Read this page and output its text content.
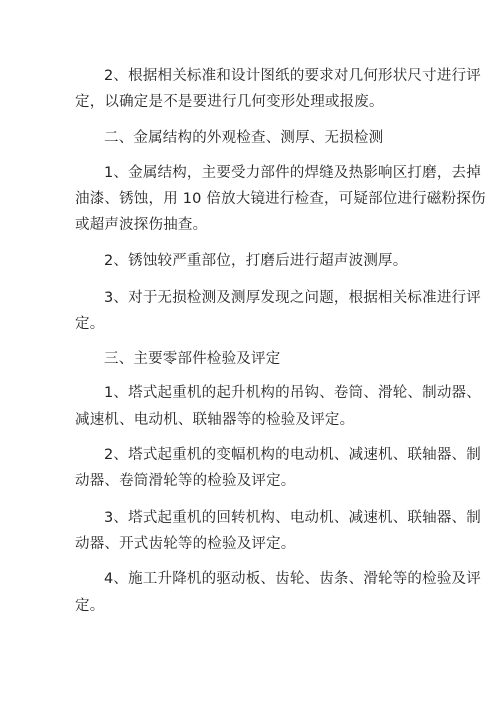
2、根据相关标准和设计图纸的要求对几何形状尺寸进行评
定，以确定是不是要进行几何变形处理或报废。
二、金属结构的外观检查、测厚、无损检测
1、金属结构，主要受力部件的焊缝及热影响区打磨，去掉
油漆、锈蚀，用 10 倍放大镜进行检查，可疑部位进行磁粉探伤
或超声波探伤抽查。
2、锈蚀较严重部位，打磨后进行超声波测厚。
3、对于无损检测及测厚发现之问题，根据相关标准进行评
定。
三、主要零部件检验及评定
1、塔式起重机的起升机构的吊钩、卷筒、滑轮、制动器、
减速机、电动机、联轴器等的检验及评定。
2、塔式起重机的变幅机构的电动机、减速机、联轴器、制
动器、卷筒滑轮等的检验及评定。
3、塔式起重机的回转机构、电动机、减速机、联轴器、制
动器、开式齿轮等的检验及评定。
4、施工升降机的驱动板、齿轮、齿条、滑轮等的检验及评
定。
